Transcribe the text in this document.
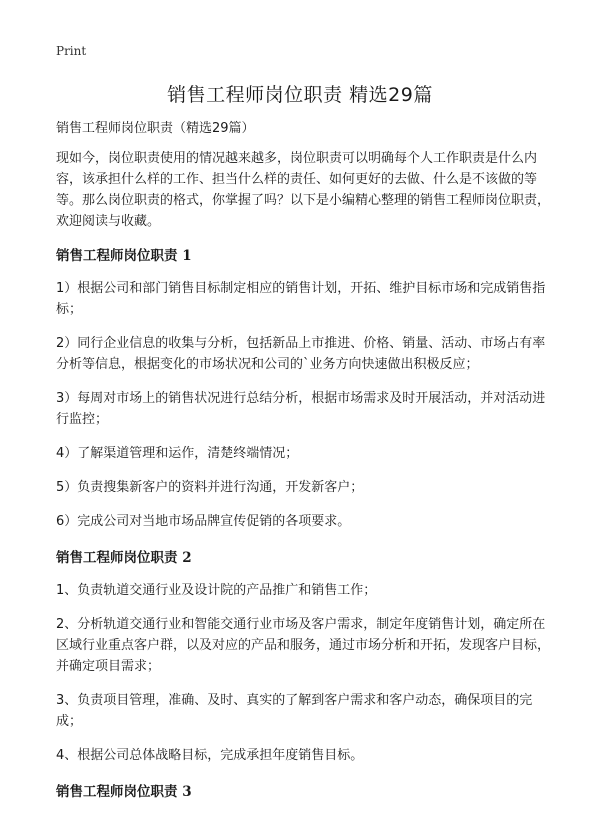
Print
销售工程师岗位职责 精选29篇

销售工程师岗位职责（精选29篇）

现如今，岗位职责使用的情况越来越多，岗位职责可以明确每个人工作职责是什么内容，该承担什么样的工作、担当什么样的责任、如何更好的去做、什么是不该做的等等。那么岗位职责的格式，你掌握了吗？以下是小编精心整理的销售工程师岗位职责，欢迎阅读与收藏。

销售工程师岗位职责 1

1）根据公司和部门销售目标制定相应的销售计划，开拓、维护目标市场和完成销售指标；

2）同行企业信息的收集与分析，包括新品上市推进、价格、销量、活动、市场占有率分析等信息，根据变化的市场状况和公司的`业务方向快速做出积极反应；

3）每周对市场上的销售状况进行总结分析，根据市场需求及时开展活动，并对活动进行监控；

4）了解渠道管理和运作，清楚终端情况；

5）负责搜集新客户的资料并进行沟通，开发新客户；

6）完成公司对当地市场品牌宣传促销的各项要求。

销售工程师岗位职责 2

1、负责轨道交通行业及设计院的产品推广和销售工作；

2、分析轨道交通行业和智能交通行业市场及客户需求，制定年度销售计划，确定所在区域行业重点客户群，以及对应的产品和服务，通过市场分析和开拓，发现客户目标，并确定项目需求；

3、负责项目管理，准确、及时、真实的了解到客户需求和客户动态，确保项目的完成；

4、根据公司总体战略目标，完成承担年度销售目标。

销售工程师岗位职责 3
